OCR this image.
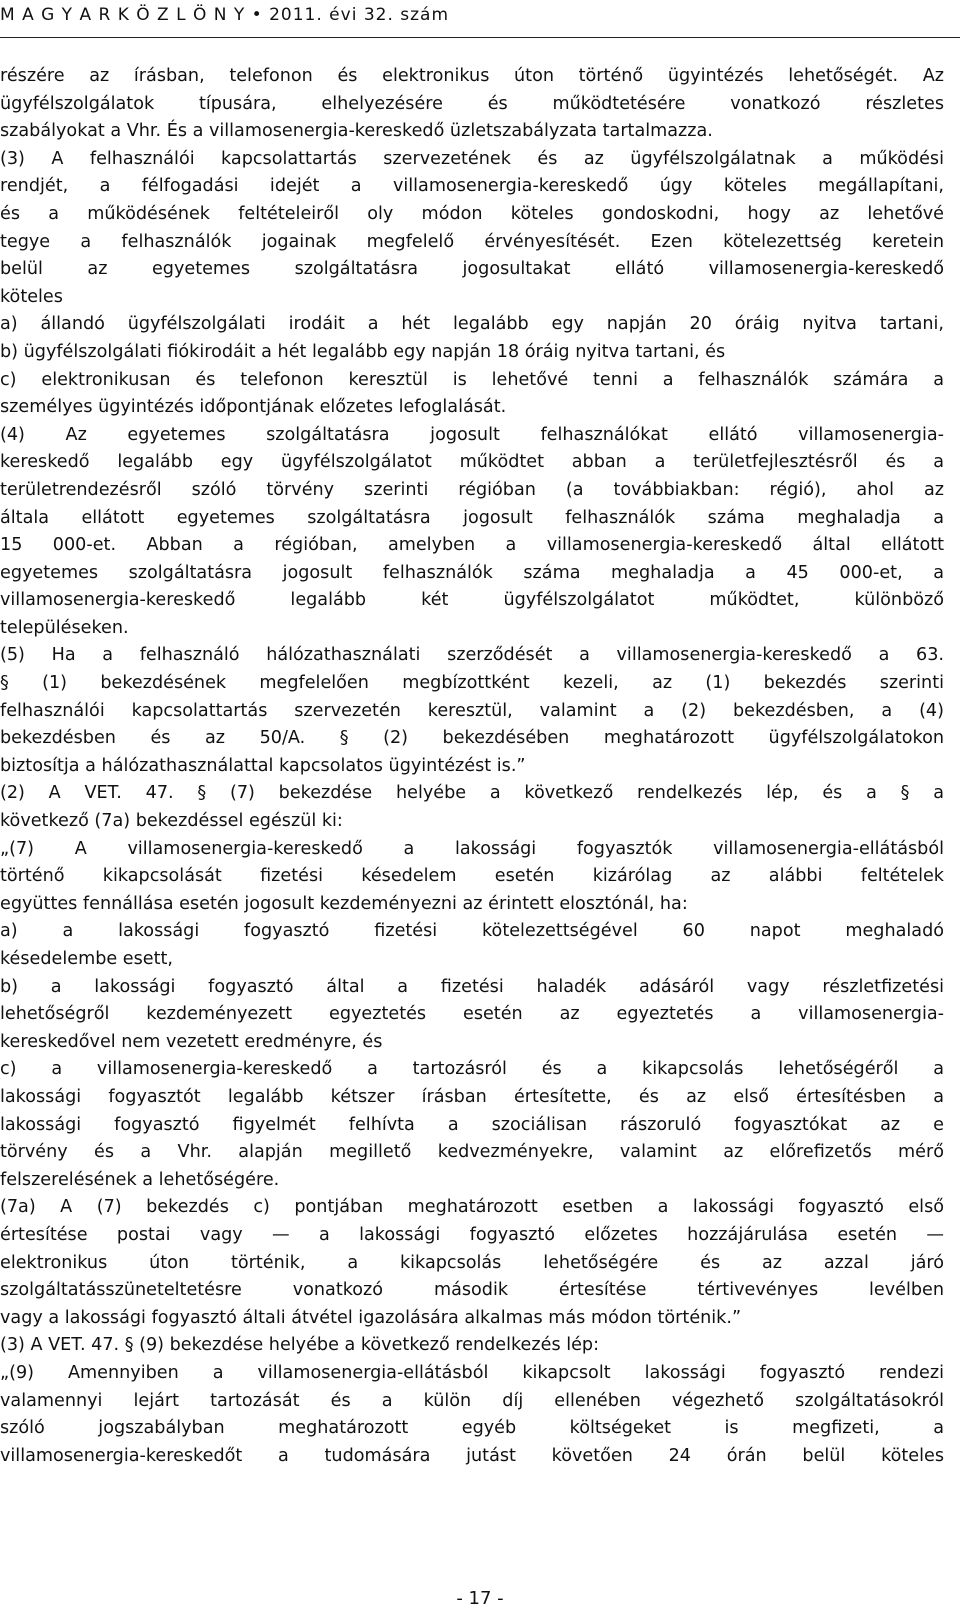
M A G Y A R K Ö Z L Ö N Y • 2011. évi 32. szám
részére az írásban, telefonon és elektronikus úton történő ügyintézés lehetőségét. Az
ügyfélszolgálatok típusára, elhelyezésére és működtetésére vonatkozó részletes
szabályokat a Vhr. És a villamosenergia-kereskedő üzletszabályzata tartalmazza.
(3) A felhasználói kapcsolattartás szervezetének és az ügyfélszolgálatnak a működési
rendjét, a félfogadási idejét a villamosenergia-kereskedő úgy köteles megállapítani,
és a működésének feltételeiről oly módon köteles gondoskodni, hogy az lehetővé
tegye a felhasználók jogainak megfelelő érvényesítését. Ezen kötelezettség keretein
belül az egyetemes szolgáltatásra jogosultakat ellátó villamosenergia-kereskedő
köteles
a) állandó ügyfélszolgálati irodáit a hét legalább egy napján 20 óráig nyitva tartani,
b) ügyfélszolgálati fiókirodáit a hét legalább egy napján 18 óráig nyitva tartani, és
c) elektronikusan és telefonon keresztül is lehetővé tenni a felhasználók számára a
személyes ügyintézés időpontjának előzetes lefoglalását.
(4) Az egyetemes szolgáltatásra jogosult felhasználókat ellátó villamosenergia-
kereskedő legalább egy ügyfélszolgálatot működtet abban a területfejlesztésről és a
területrendezésről szóló törvény szerinti régióban (a továbbiakban: régió), ahol az
általa ellátott egyetemes szolgáltatásra jogosult felhasználók száma meghaladja a
15 000-et. Abban a régióban, amelyben a villamosenergia-kereskedő által ellátott
egyetemes szolgáltatásra jogosult felhasználók száma meghaladja a 45 000-et, a
villamosenergia-kereskedő legalább két ügyfélszolgálatot működtet, különböző
településeken.
(5) Ha a felhasználó hálózathasználati szerződését a villamosenergia-kereskedő a 63.
§ (1) bekezdésének megfelelően megbízottként kezeli, az (1) bekezdés szerinti
felhasználói kapcsolattartás szervezetén keresztül, valamint a (2) bekezdésben, a (4)
bekezdésben és az 50/A. § (2) bekezdésében meghatározott ügyfélszolgálatokon
biztosítja a hálózathasználattal kapcsolatos ügyintézést is.”
(2) A VET. 47. § (7) bekezdése helyébe a következő rendelkezés lép, és a § a
következő (7a) bekezdéssel egészül ki:
„(7) A villamosenergia-kereskedő a lakossági fogyasztók villamosenergia-ellátásból
történő kikapcsolását fizetési késedelem esetén kizárólag az alábbi feltételek
együttes fennállása esetén jogosult kezdeményezni az érintett elosztónál, ha:
a) a lakossági fogyasztó fizetési kötelezettségével 60 napot meghaladó
késedelembe esett,
b) a lakossági fogyasztó által a fizetési haladék adásáról vagy részletfizetési
lehetőségről kezdeményezett egyeztetés esetén az egyeztetés a villamosenergia-
kereskedővel nem vezetett eredményre, és
c) a villamosenergia-kereskedő a tartozásról és a kikapcsolás lehetőségéről a
lakossági fogyasztót legalább kétszer írásban értesítette, és az első értesítésben a
lakossági fogyasztó figyelmét felhívta a szociálisan rászoruló fogyasztókat az e
törvény és a Vhr. alapján megillető kedvezményekre, valamint az előrefizetős mérő
felszerelésének a lehetőségére.
(7a) A (7) bekezdés c) pontjában meghatározott esetben a lakossági fogyasztó első
értesítése postai vagy — a lakossági fogyasztó előzetes hozzájárulása esetén —
elektronikus úton történik, a kikapcsolás lehetőségére és az azzal járó
szolgáltatásszüneteltetésre vonatkozó második értesítése tértivevényes levélben
vagy a lakossági fogyasztó általi átvétel igazolására alkalmas más módon történik.”
(3) A VET. 47. § (9) bekezdése helyébe a következő rendelkezés lép:
„(9) Amennyiben a villamosenergia-ellátásból kikapcsolt lakossági fogyasztó rendezi
valamennyi lejárt tartozását és a külön díj ellenében végezhető szolgáltatásokról
szóló jogszabályban meghatározott egyéb költségeket is megfizeti, a
villamosenergia-kereskedőt a tudomására jutást követően 24 órán belül köteles
- 17 -
